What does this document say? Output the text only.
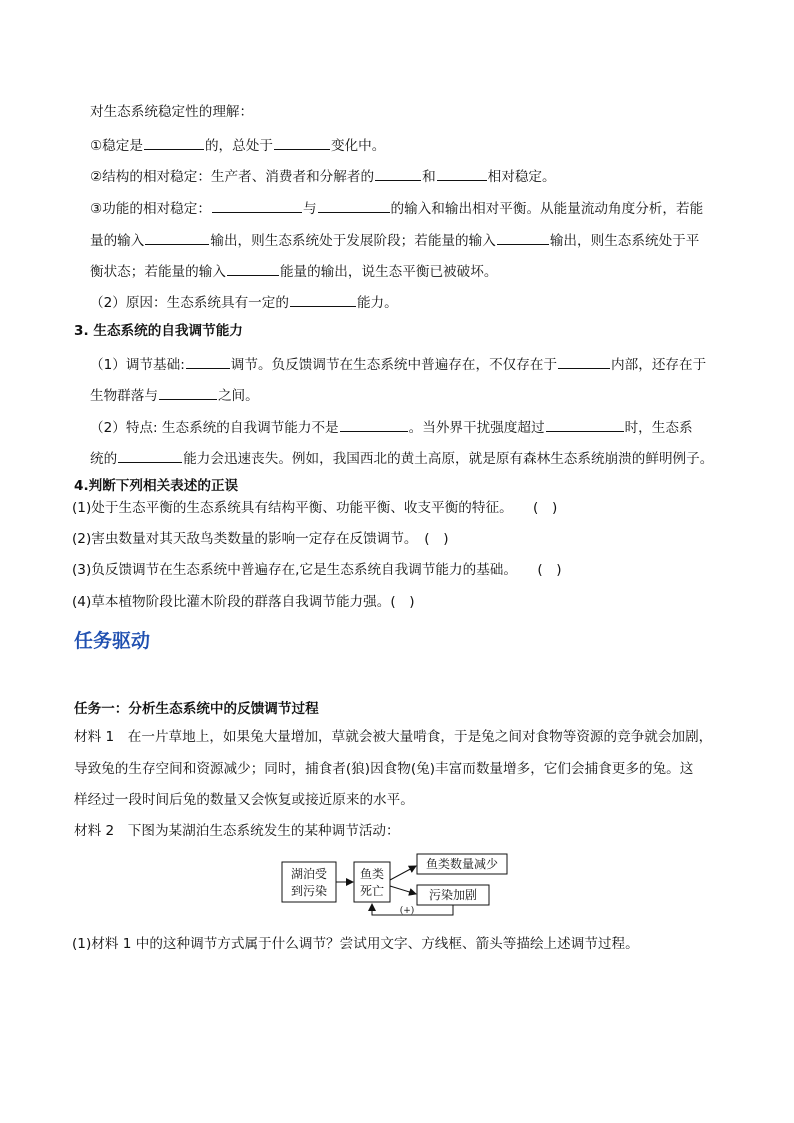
对生态系统稳定性的理解：
①稳定是	的，总处于	变化中。
②结构的相对稳定：生产者、消费者和分解者的	和	相对稳定。
③功能的相对稳定：	与	的输入和输出相对平衡。从能量流动角度分析，若能
量的输入	输出，则生态系统处于发展阶段；若能量的输入	输出，则生态系统处于平
衡状态；若能量的输入	能量的输出，说生态平衡已被破坏。
（2）原因：生态系统具有一定的	能力。
3. 生态系统的自我调节能力
（1）调节基础:	调节。负反馈调节在生态系统中普遍存在，不仅存在于	内部，还存在于
生物群落与	之间。
（2）特点: 生态系统的自我调节能力不是	。当外界干扰强度超过	时，生态系
统的	能力会迅速丧失。例如，我国西北的黄土高原，就是原有森林生态系统崩溃的鲜明例子。
4.判断下列相关表述的正误
(1)处于生态平衡的生态系统具有结构平衡、功能平衡、收支平衡的特征。　　(　)
(2)害虫数量对其天敌鸟类数量的影响一定存在反馈调节。　(　)
(3)负反馈调节在生态系统中普遍存在,它是生态系统自我调节能力的基础。　　(　)
(4)草本植物阶段比灌木阶段的群落自我调节能力强。(　)
任务驱动
任务一：分析生态系统中的反馈调节过程
材料 1　在一片草地上，如果兔大量增加，草就会被大量啃食，于是兔之间对食物等资源的竞争就会加剧，
导致兔的生存空间和资源减少；同时，捕食者(狼)因食物(兔)丰富而数量增多，它们会捕食更多的兔。这
样经过一段时间后兔的数量又会恢复或接近原来的水平。
材料 2　下图为某湖泊生态系统发生的某种调节活动：
湖泊受
到污染
鱼类
死亡
鱼类数量减少
污染加剧
(+)
(1)材料 1 中的这种调节方式属于什么调节？尝试用文字、方线框、箭头等描绘上述调节过程。
